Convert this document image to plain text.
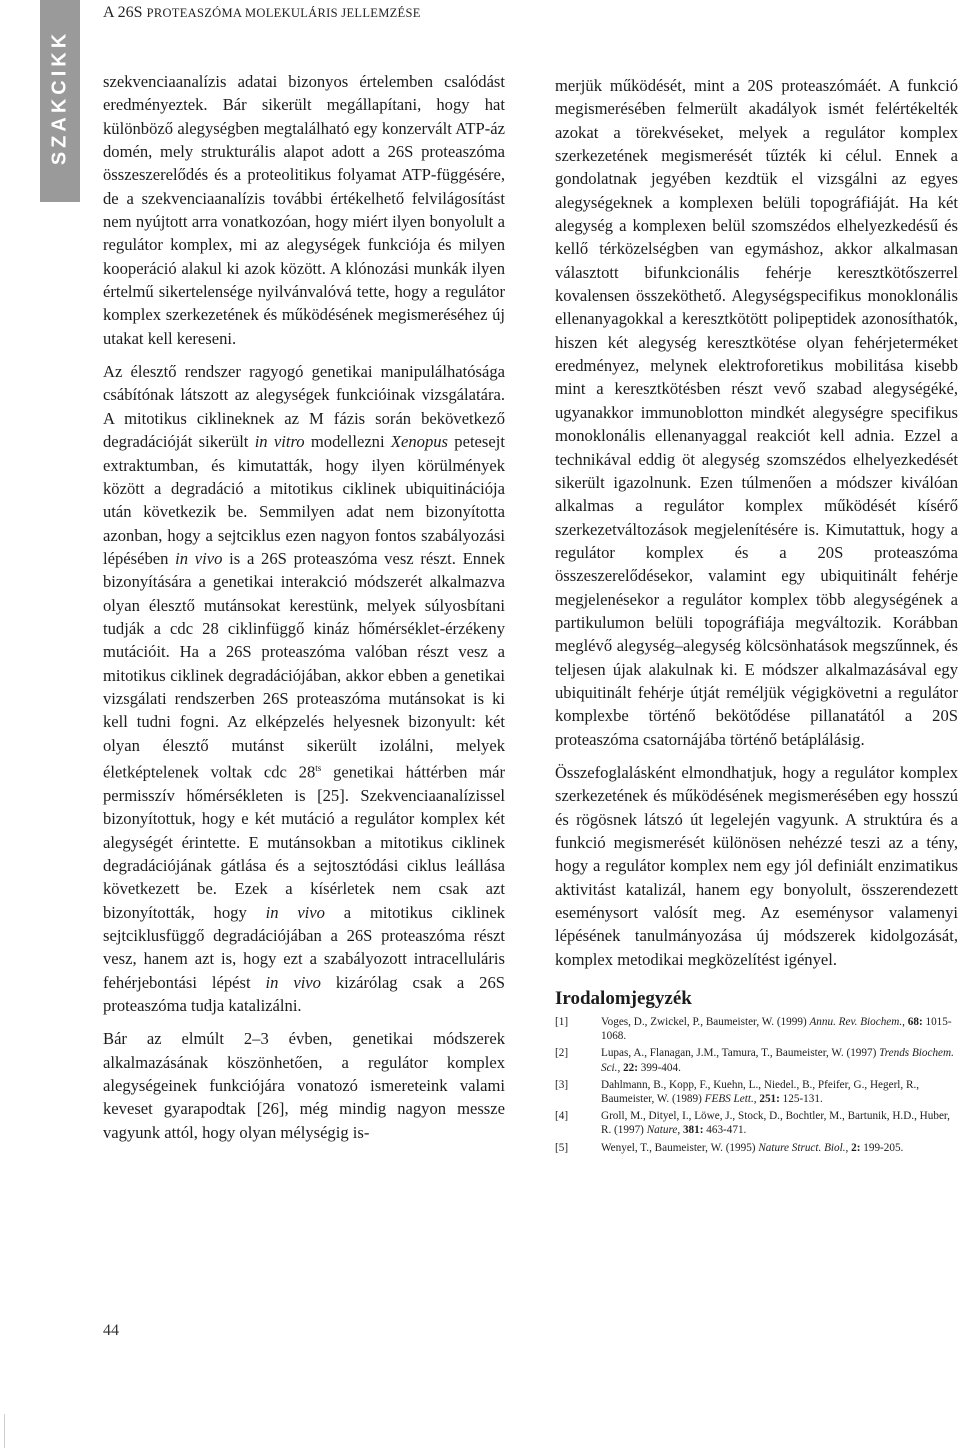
SZAKCIKK
A 26S PROTEASZÓMA MOLEKULÁRIS JELLEMZÉSE

szekvenciaanalízis adatai bizonyos értelemben csalódást eredményeztek. Bár sikerült megállapítani, hogy hat különböző alegységben megtalálható egy konzervált ATP-áz domén, mely strukturális alapot adott a 26S proteaszóma összeszerelődés és a proteolitikus folyamat ATP-függésére, de a szekvenciaanalízis további értékelhető felvilágosítást nem nyújtott arra vonatkozóan, hogy miért ilyen bonyolult a regulátor komplex, mi az alegységek funkciója és milyen kooperáció alakul ki azok között. A klónozási munkák ilyen értelmű sikertelensége nyilvánvalóvá tette, hogy a regulátor komplex szerkezetének és működésének megismeréséhez új utakat kell kereseni.

Az élesztő rendszer ragyogó genetikai manipulálhatósága csábítónak látszott az alegységek funkcióinak vizsgálatára. A mitotikus ciklineknek az M fázis során bekövetkező degradációját sikerült in vitro modellezni Xenopus petesejt extraktumban, és kimutatták, hogy ilyen körülmények között a degradáció a mitotikus ciklinek ubiquitinációja után következik be. Semmilyen adat nem bizonyította azonban, hogy a sejtciklus ezen nagyon fontos szabályozási lépésében in vivo is a 26S proteaszóma vesz részt. Ennek bizonyítására a genetikai interakció módszerét alkalmazva olyan élesztő mutánsokat kerestünk, melyek súlyosbítani tudják a cdc 28 ciklinfüggő kináz hőmérséklet-érzékeny mutációit. Ha a 26S proteaszóma valóban részt vesz a mitotikus ciklinek degradációjában, akkor ebben a genetikai vizsgálati rendszerben 26S proteaszóma mutánsokat is ki kell tudni fogni. Az elképzelés helyesnek bizonyult: két olyan élesztő mutánst sikerült izolálni, melyek életképtelenek voltak cdc $28^{ts}$ genetikai háttérben már permisszív hőmérsékleten is [25]. Szekvenciaanalízissel bizonyítottuk, hogy e két mutáció a regulátor komplex két alegységét érintette. E mutánsokban a mitotikus ciklinek degradációjának gátlása és a sejtosztódási ciklus leállása következett be. Ezek a kísérletek nem csak azt bizonyították, hogy in vivo a mitotikus ciklinek sejtciklusfüggő degradációjában a 26S proteaszóma részt vesz, hanem azt is, hogy ezt a szabályozott intracelluláris fehérjebontási lépést in vivo kizárólag csak a 26S proteaszóma tudja katalizálni.

Bár az elmúlt 2–3 évben, genetikai módszerek alkalmazásának köszönhetően, a regulátor komplex alegységeinek funkciójára vonatozó ismereteink valami keveset gyarapodtak [26], még mindig nagyon messze vagyunk attól, hogy olyan mélységig is-

merjük működését, mint a 20S proteaszómáét. A funkció megismerésében felmerült akadályok ismét felértékelték azokat a törekvéseket, melyek a regulátor komplex szerkezetének megismerését tűzték ki célul. Ennek a gondolatnak jegyében kezdtük el vizsgálni az egyes alegységeknek a komplexen belüli topográfiáját. Ha két alegység a komplexen belül szomszédos elhelyezkedésű és kellő térközelségben van egymáshoz, akkor alkalmasan választott bifunkcionális fehérje keresztkötőszerrel kovalensen összeköthető. Alegységspecifikus monoklonális ellenanyagokkal a keresztkötött polipeptidek azonosíthatók, hiszen két alegység keresztkötése olyan fehérjeterméket eredményez, melynek elektroforetikus mobilitása kisebb mint a keresztkötésben részt vevő szabad alegységéké, ugyanakkor immunoblotton mindkét alegységre specifikus monoklonális ellenanyaggal reakciót kell adnia. Ezzel a technikával eddig öt alegység szomszédos elhelyezkedését sikerült igazolnunk. Ezen túlmenően a módszer kiválóan alkalmas a regulátor komplex működését kísérő szerkezetváltozások megjelenítésére is. Kimutattuk, hogy a regulátor komplex és a 20S proteaszóma összeszerelődésekor, valamint egy ubiquitinált fehérje megjelenésekor a regulátor komplex több alegységének a partikulumon belüli topográfiája megváltozik. Korábban meglévő alegység–alegység kölcsönhatások megszűnnek, és teljesen újak alakulnak ki. E módszer alkalmazásával egy ubiquitinált fehérje útját reméljük végigkövetni a regulátor komplexbe történő bekötődése pillanatától a 20S proteaszóma csatornájába történő betáplálásig.

Összefoglalásként elmondhatjuk, hogy a regulátor komplex szerkezetének és működésének megismerésében egy hosszú és rögösnek látszó út legelején vagyunk. A struktúra és a funkció megismerését különösen nehézzé teszi az a tény, hogy a regulátor komplex nem egy jól definiált enzimatikus aktivitást katalizál, hanem egy bonyolult, összerendezett eseménysort valósít meg. Az eseménysor valamenyi lépésének tanulmányozása új módszerek kidolgozását, komplex metodikai megközelítést igényel.

Irodalomjegyzék
[1]	Voges, D., Zwickel, P., Baumeister, W. (1999) Annu. Rev. Biochem., 68: 1015-1068.
[2]	Lupas, A., Flanagan, J.M., Tamura, T., Baumeister, W. (1997) Trends Biochem. Sci., 22: 399-404.
[3]	Dahlmann, B., Kopp, F., Kuehn, L., Niedel., B., Pfeifer, G., Hegerl, R., Baumeister, W. (1989) FEBS Lett., 251: 125-131.
[4]	Groll, M., Dityel, I., Löwe, J., Stock, D., Bochtler, M., Bartunik, H.D., Huber, R. (1997) Nature, 381: 463-471.
[5]	Wenyel, T., Baumeister, W. (1995) Nature Struct. Biol., 2: 199-205.
44
